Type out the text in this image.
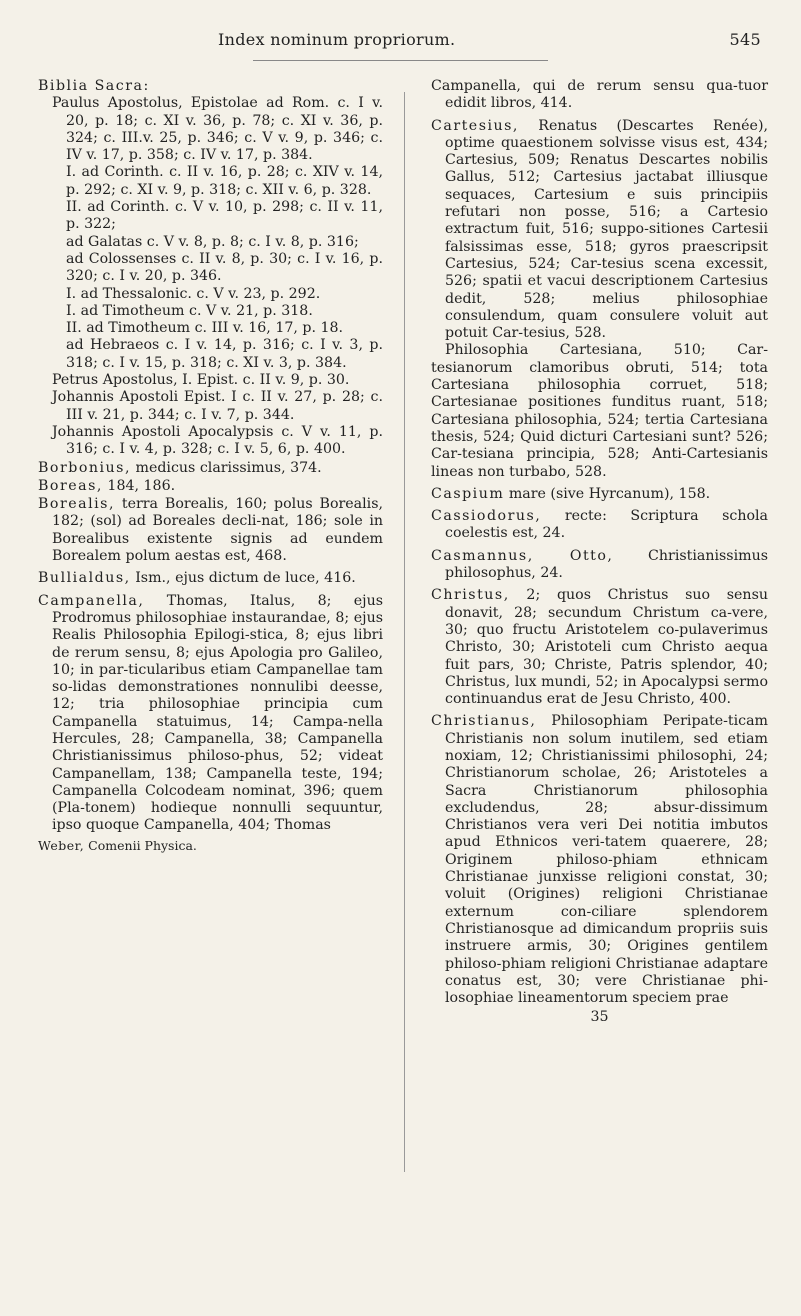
Index nominum propriorum.	545

Biblia Sacra:

Paulus Apostolus, Epistolae ad Rom. c. I v. 20, p. 18; c. XI v. 36, p. 78; c. XI v. 36, p. 324; c. III.v. 25, p. 346; c. V v. 9, p. 346; c. IV v. 17, p. 358; c. IV v. 17, p. 384.

I. ad Corinth. c. II v. 16, p. 28; c. XIV v. 14, p. 292; c. XI v. 9, p. 318; c. XII v. 6, p. 328.

II. ad Corinth. c. V v. 10, p. 298; c. II v. 11, p. 322;

ad Galatas c. V v. 8, p. 8; c. I v. 8, p. 316;

ad Colossenses c. II v. 8, p. 30; c. I v. 16, p. 320; c. I v. 20, p. 346.

I. ad Thessalonic. c. V v. 23, p. 292.

I. ad Timotheum c. V v. 21, p. 318.

II. ad Timotheum c. III v. 16, 17, p. 18.

ad Hebraeos c. I v. 14, p. 316; c. I v. 3, p. 318; c. I v. 15, p. 318; c. XI v. 3, p. 384.

Petrus Apostolus, I. Epist. c. II v. 9, p. 30.

Johannis Apostoli Epist. I c. II v. 27, p. 28; c. III v. 21, p. 344; c. I v. 7, p. 344.

Johannis Apostoli Apocalypsis c. V v. 11, p. 316; c. I v. 4, p. 328; c. I v. 5, 6, p. 400.

Borbonius, medicus clarissimus, 374.

Boreas, 184, 186.

Borealis, terra Borealis, 160; polus Borealis, 182; (sol) ad Boreales decli-nat, 186; sole in Borealibus existente signis ad eundem Borealem polum aestas est, 468.

Bullialdus, Ism., ejus dictum de luce, 416.

Campanella, Thomas, Italus, 8; ejus Prodromus philosophiae instaurandae, 8; ejus Realis Philosophia Epilogi-stica, 8; ejus libri de rerum sensu, 8; ejus Apologia pro Galileo, 10; in par-ticularibus etiam Campanellae tam so-lidas demonstrationes nonnulibi deesse, 12; tria philosophiae principia cum Campanella statuimus, 14; Campa-nella Hercules, 28; Campanella, 38; Campanella Christianissimus philoso-phus, 52; videat Campanellam, 138; Campanella teste, 194; Campanella Colcodeam nominat, 396; quem (Pla-tonem) hodieque nonnulli sequuntur, ipso quoque Campanella, 404; Thomas

Weber, Comenii Physica.

Campanella, qui de rerum sensu qua-tuor edidit libros, 414.

Cartesius, Renatus (Descartes Renée), optime quaestionem solvisse visus est, 434; Cartesius, 509; Renatus Descartes nobilis Gallus, 512; Cartesius jactabat illiusque sequaces, Cartesium e suis principiis refutari non posse, 516; a Cartesio extractum fuit, 516; suppo-sitiones Cartesii falsissimas esse, 518; gyros praescripsit Cartesius, 524; Car-tesius scena excessit, 526; spatii et vacui descriptionem Cartesius dedit, 528; melius philosophiae consulendum, quam consulere voluit aut potuit Car-tesius, 528.

Philosophia Cartesiana, 510; Car-tesianorum clamoribus obruti, 514; tota Cartesiana philosophia corruet, 518; Cartesianae positiones funditus ruant, 518; Cartesiana philosophia, 524; tertia Cartesiana thesis, 524; Quid dicturi Cartesiani sunt? 526; Car-tesiana principia, 528; Anti-Cartesianis lineas non turbabo, 528.

Caspium mare (sive Hyrcanum), 158.

Cassiodorus, recte: Scriptura schola coelestis est, 24.

Casmannus, Otto, Christianissimus philosophus, 24.

Christus, 2; quos Christus suo sensu donavit, 28; secundum Christum ca-vere, 30; quo fructu Aristotelem co-pulaverimus Christo, 30; Aristoteli cum Christo aequa fuit pars, 30; Christe, Patris splendor, 40; Christus, lux mundi, 52; in Apocalypsi sermo continuandus erat de Jesu Christo, 400.

Christianus, Philosophiam Peripate-ticam Christianis non solum inutilem, sed etiam noxiam, 12; Christianissimi philosophi, 24; Christianorum scholae, 26; Aristoteles a Sacra Christianorum philosophia excludendus, 28; absur-dissimum Christianos vera veri Dei notitia imbutos apud Ethnicos veri-tatem quaerere, 28; Originem philoso-phiam ethnicam Christianae junxisse religioni constat, 30; voluit (Origines) religioni Christianae externum con-ciliare splendorem Christianosque ad dimicandum propriis suis instruere armis, 30; Origines gentilem philoso-phiam religioni Christianae adaptare conatus est, 30; vere Christianae phi-losophiae lineamentorum speciem prae

35
